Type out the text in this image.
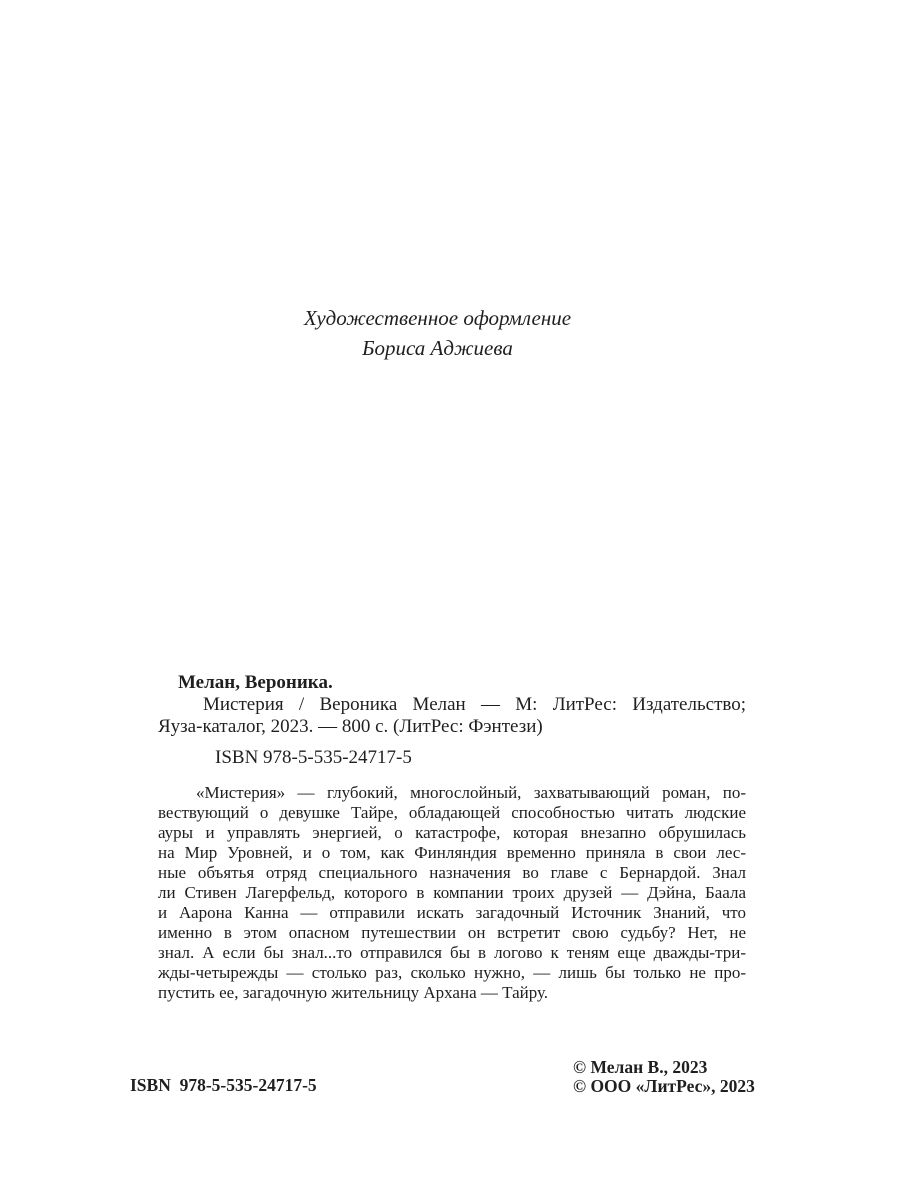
Художественное оформление
Бориса Аджиева
Мелан, Вероника.
Мистерия / Вероника Мелан — М: ЛитРес: Издательство;
Яуза-каталог, 2023. — 800 с. (ЛитРес: Фэнтези)
ISBN 978-5-535-24717-5
«Мистерия» — глубокий, многослойный, захватывающий роман, по-
вествующий о девушке Тайре, обладающей способностью читать людские
ауры и управлять энергией, о катастрофе, которая внезапно обрушилась
на Мир Уровней, и о том, как Финляндия временно приняла в свои лес-
ные объятья отряд специального назначения во главе с Бернардой. Знал
ли Стивен Лагерфельд, которого в компании троих друзей — Дэйна, Баала
и Аарона Канна — отправили искать загадочный Источник Знаний, что
именно в этом опасном путешествии он встретит свою судьбу? Нет, не
знал. А если бы знал...то отправился бы в логово к теням еще дважды-три-
жды-четырежды — столько раз, сколько нужно, — лишь бы только не про-
пустить ее, загадочную жительницу Архана — Тайру.
ISBN  978-5-535-24717-5
© Мелан В., 2023
© ООО «ЛитРес», 2023
